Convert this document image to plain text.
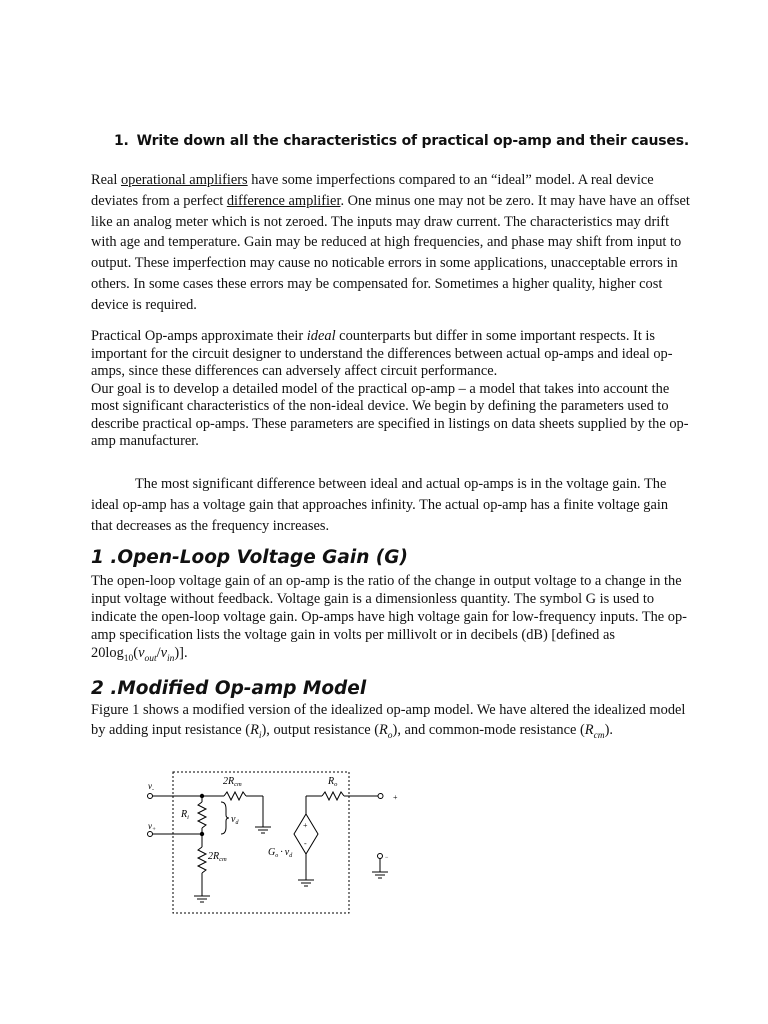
1. Write down all the characteristics of practical op-amp and their causes.
Real operational amplifiers have some imperfections compared to an “ideal” model. A real device deviates from a perfect difference amplifier. One minus one may not be zero. It may have have an offset like an analog meter which is not zeroed. The inputs may draw current. The characteristics may drift with age and temperature. Gain may be reduced at high frequencies, and phase may shift from input to output. These imperfection may cause no noticable errors in some applications, unacceptable errors in others. In some cases these errors may be compensated for. Sometimes a higher quality, higher cost device is required.
Practical Op-amps approximate their ideal counterparts but differ in some important respects. It is important for the circuit designer to understand the differences between actual op-amps and ideal op-amps, since these differences can adversely affect circuit performance.
Our goal is to develop a detailed model of the practical op-amp – a model that takes into account the most significant characteristics of the non-ideal device. We begin by defining the parameters used to describe practical op-amps. These parameters are specified in listings on data sheets supplied by the op-amp manufacturer.
The most significant difference between ideal and actual op-amps is in the voltage gain. The ideal op-amp has a voltage gain that approaches infinity. The actual op-amp has a finite voltage gain that decreases as the frequency increases.
1 .Open-Loop Voltage Gain (G)
The open-loop voltage gain of an op-amp is the ratio of the change in output voltage to a change in the input voltage without feedback. Voltage gain is a dimensionless quantity. The symbol G is used to indicate the open-loop voltage gain. Op-amps have high voltage gain for low-frequency inputs. The op-amp specification lists the voltage gain in volts per millivolt or in decibels (dB) [defined as $20\log_{10}(v_{out}/v_{in})$].
2 .Modified Op-amp Model
Figure 1 shows a modified version of the idealized op-amp model. We have altered the idealized model by adding input resistance $(R_i)$, output resistance $(R_o)$, and common-mode resistance $(R_{cm})$.
$v_-$
$v_+$
$2R_{cm}$
$2R_{cm}$
$R_i$	$v_d$
$R_o$
$G_o \cdot v_d$
+
-
+
−
